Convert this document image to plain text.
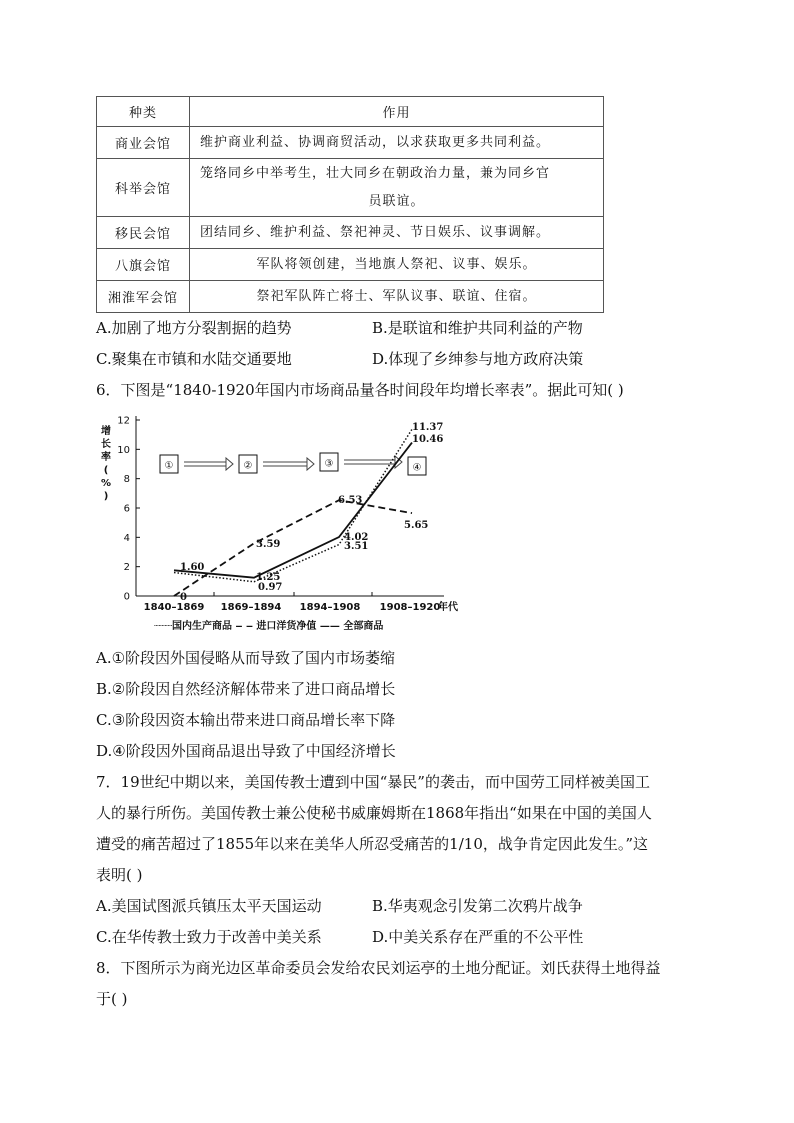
种类	作用
商业会馆	维护商业利益、协调商贸活动，以求获取更多共同利益。

科举会馆	笼络同乡中举考生，壮大同乡在朝政治力量，兼为同乡官
员联谊。

移民会馆	团结同乡、维护利益、祭祀神灵、节日娱乐、议事调解。

八旗会馆	军队将领创建，当地旗人祭祀、议事、娱乐。

湘淮军会馆	祭祀军队阵亡将士、军队议事、联谊、住宿。
A.加剧了地方分裂割据的趋势	B.是联谊和维护共同利益的产物
C.聚集在市镇和水陆交通要地	D.体现了乡绅参与地方政府决策
6．下图是“1840-1920年国内市场商品量各时间段年均增长率表”。据此可知( )
0
2
4
6
8
10
12
增
长
率
(
%
)
1840–1869 1869–1894 1894–1908 1908–1920
年代
┈┈┈国内生产商品 ‒ ‒ 进口洋货净值 —— 全部商品
①	②	③	④
1.60
0
3.59
1.25
0.97
6.53
4.02
3.51
5.65
11.37
10.46
A.①阶段因外国侵略从而导致了国内市场萎缩
B.②阶段因自然经济解体带来了进口商品增长
C.③阶段因资本输出带来进口商品增长率下降
D.④阶段因外国商品退出导致了中国经济增长
7．19世纪中期以来，美国传教士遭到中国“暴民”的袭击，而中国劳工同样被美国工
人的暴行所伤。美国传教士兼公使秘书威廉姆斯在1868年指出“如果在中国的美国人
遭受的痛苦超过了1855年以来在美华人所忍受痛苦的1/10，战争肯定因此发生。”这
表明( )
A.美国试图派兵镇压太平天国运动	B.华夷观念引发第二次鸦片战争
C.在华传教士致力于改善中美关系	D.中美关系存在严重的不公平性
8．下图所示为商光边区革命委员会发给农民刘运亭的土地分配证。刘氏获得土地得益
于( )
